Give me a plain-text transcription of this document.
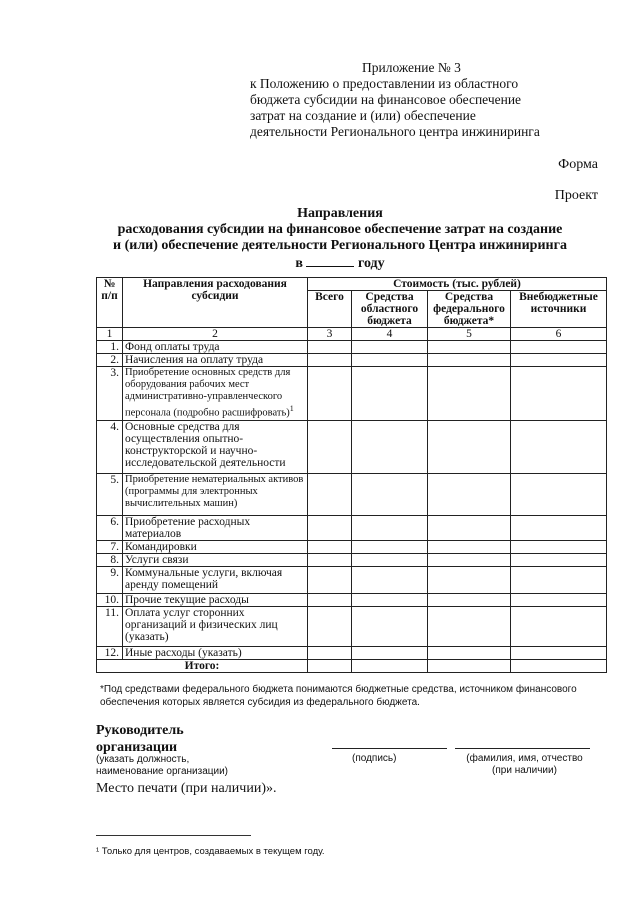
Приложение № 3
к Положению о предоставлении из областного
бюджета субсидии на финансовое обеспечение
затрат на создание и (или) обеспечение
деятельности Регионального центра инжиниринга
Форма
Проект
Направления
расходования субсидии на финансовое обеспечение затрат на создание
и (или) обеспечение деятельности Регионального Центра инжиниринга
в	году
№ п/п	Направления расходования субсидии	Стоимость (тыс. рублей)			
		Всего	Средства областного бюджета	Средства федерального бюджета*	Внебюджетные источники
1	2	3	4	5	6
1.	Фонд оплаты труда				
2.	Начисления на оплату труда				
3.	Приобретение основных средств для оборудования рабочих мест административно-управленческого персонала (подробно расшифровать)$^1$				
4.	Основные средства для осуществления опытно-конструкторской и научно-исследовательской деятельности				
5.	Приобретение нематериальных активов (программы для электронных вычислительных машин)				
6.	Приобретение расходных материалов				
7.	Командировки				
8.	Услуги связи				
9.	Коммунальные услуги, включая аренду помещений				
10.	Прочие текущие расходы				
11.	Оплата услуг сторонних организаций и физических лиц (указать)				
12.	Иные расходы (указать)				
Итого:					
*Под средствами федерального бюджета понимаются бюджетные средства, источником финансового обеспечения которых является субсидия из федерального бюджета.
Руководитель
организации
(указать должность,
наименование организации)
(подпись)	(фамилия, имя, отчество (при наличии)
Место печати (при наличии)».
¹ Только для центров, создаваемых в текущем году.
